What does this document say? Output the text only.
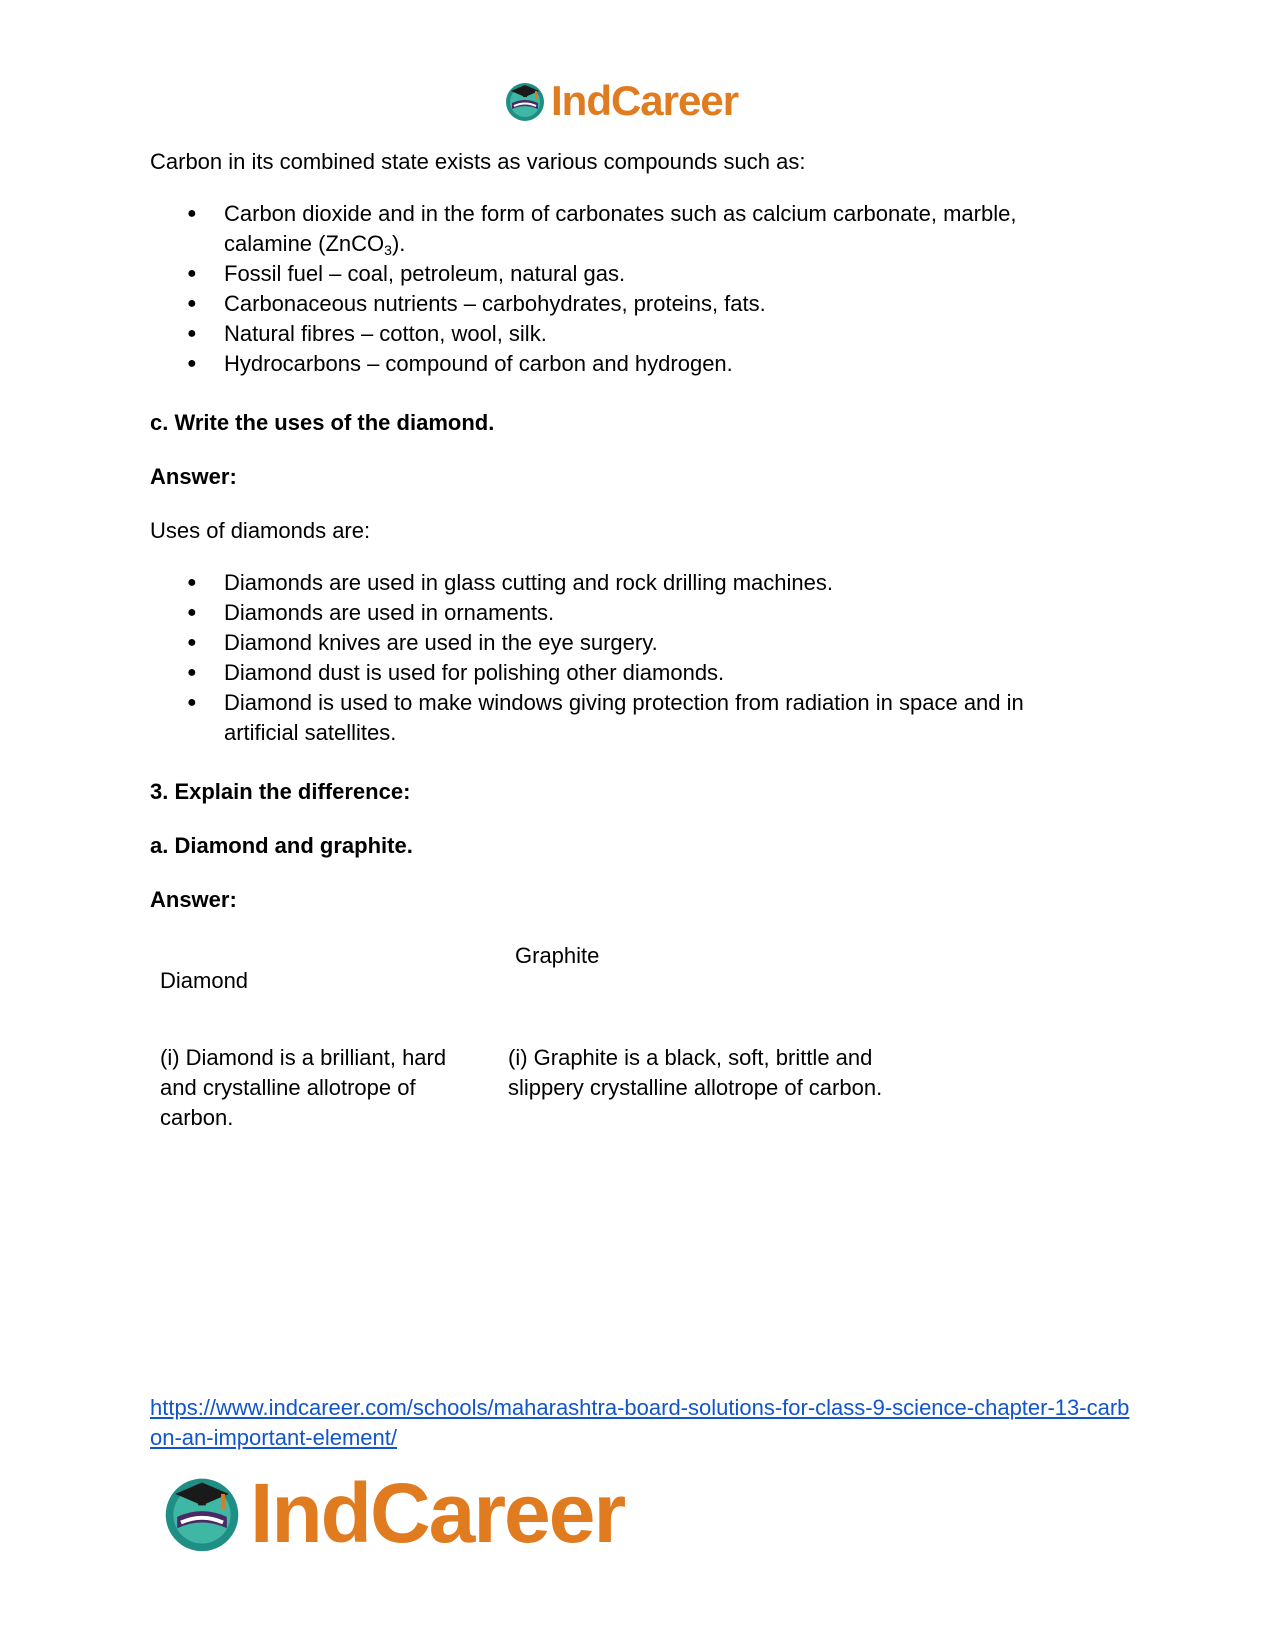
IndCareer
Carbon in its combined state exists as various compounds such as:
● Carbon dioxide and in the form of carbonates such as calcium carbonate, marble,
calamine (ZnCO$_3$).
● Fossil fuel – coal, petroleum, natural gas.
● Carbonaceous nutrients – carbohydrates, proteins, fats.
● Natural fibres – cotton, wool, silk.
● Hydrocarbons – compound of carbon and hydrogen.
c. Write the uses of the diamond.
Answer:
Uses of diamonds are:
● Diamonds are used in glass cutting and rock drilling machines.
● Diamonds are used in ornaments.
● Diamond knives are used in the eye surgery.
● Diamond dust is used for polishing other diamonds.
● Diamond is used to make windows giving protection from radiation in space and in artificial satellites.
3. Explain the difference:
a. Diamond and graphite.
Answer:
Diamond
Graphite
(i) Diamond is a brilliant, hard and crystalline allotrope of carbon.
(i) Graphite is a black, soft, brittle and slippery crystalline allotrope of carbon.
https://www.indcareer.com/schools/maharashtra-board-solutions-for-class-9-science-chapter-13-carbon-an-important-element/
IndCareer
